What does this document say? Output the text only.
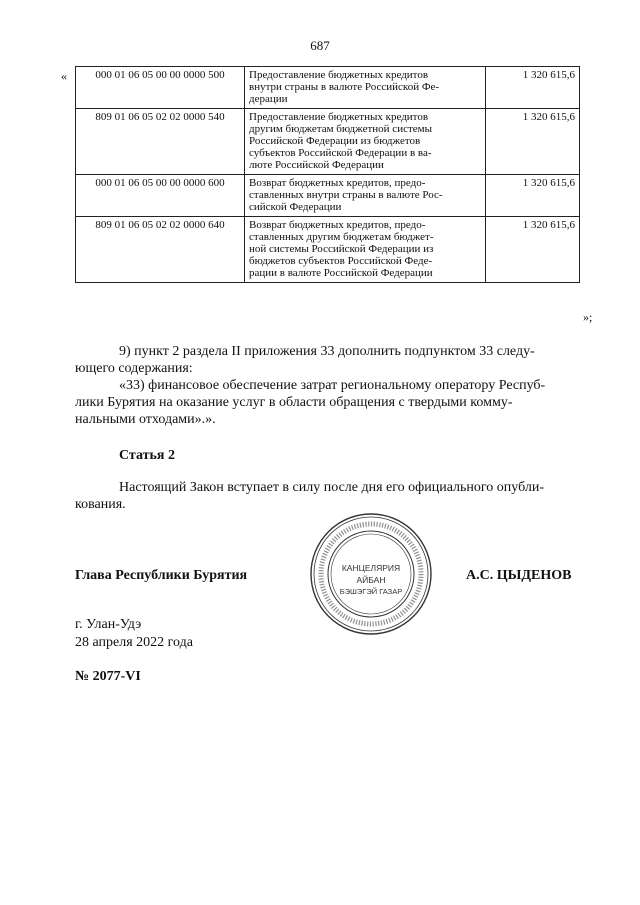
687
«	000 01 06 05 00 00 0000 500	Предоставление бюджетных кредитов
внутри страны в валюте Российской Фе-
дерации	1 320 615,6
809 01 06 05 02 02 0000 540	Предоставление бюджетных кредитов
другим бюджетам бюджетной системы
Российской Федерации из бюджетов
субъектов Российской Федерации в ва-
люте Российской Федерации	1 320 615,6
000 01 06 05 00 00 0000 600	Возврат бюджетных кредитов, предо-
ставленных внутри страны в валюте Рос-
сийской Федерации	1 320 615,6
809 01 06 05 02 02 0000 640	Возврат бюджетных кредитов, предо-
ставленных другим бюджетам бюджет-
ной системы Российской Федерации из
бюджетов субъектов Российской Феде-
рации в валюте Российской Федерации	1 320 615,6
»;
9) пункт 2 раздела II приложения 33 дополнить подпунктом 33 следу-
ющего содержания:
«33) финансовое обеспечение затрат региональному оператору Респуб-
лики Бурятия на оказание услуг в области обращения с твердыми комму-
нальными отходами».».
Статья 2
Настоящий Закон вступает в силу после дня его официального опубли-
кования.
Глава Республики Бурятия	КАНЦЕЛЯРИЯ
АЙБАН
БЭШЭГЭЙ ГАЗАР
А.С. ЦЫДЕНОВ
г. Улан-Удэ
28 апреля 2022 года
№ 2077-VI
